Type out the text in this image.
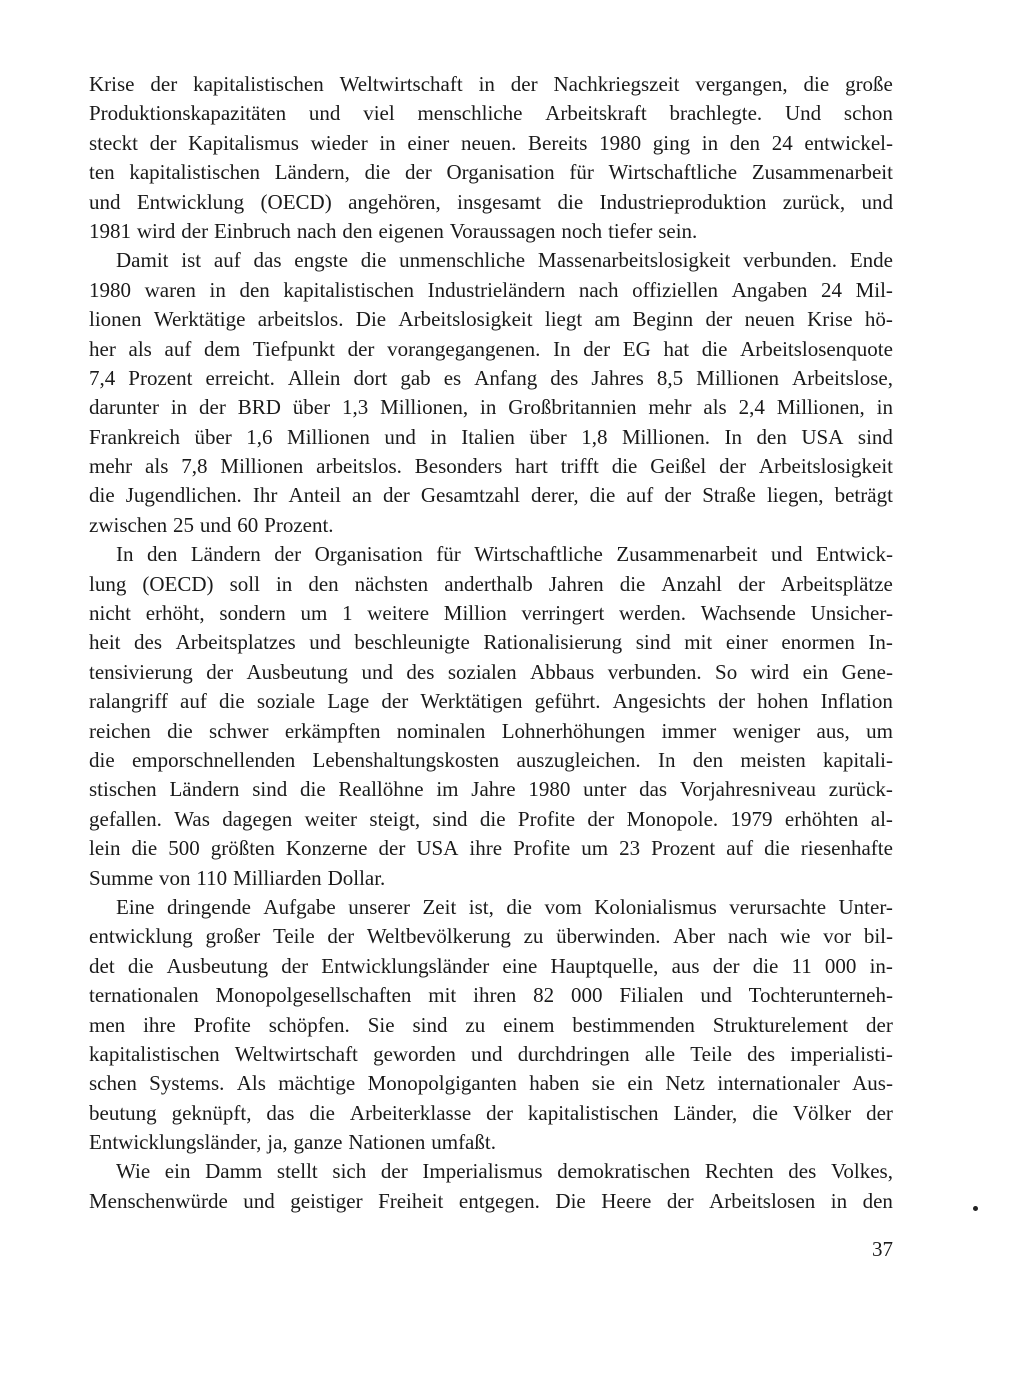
Krise der kapitalistischen Weltwirtschaft in der Nachkriegszeit vergangen, die große
Produktionskapazitäten und viel menschliche Arbeitskraft brachlegte. Und schon
steckt der Kapitalismus wieder in einer neuen. Bereits 1980 ging in den 24 entwickel-
ten kapitalistischen Ländern, die der Organisation für Wirtschaftliche Zusammenarbeit
und Entwicklung (OECD) angehören, insgesamt die Industrieproduktion zurück, und
1981 wird der Einbruch nach den eigenen Voraussagen noch tiefer sein.
Damit ist auf das engste die unmenschliche Massenarbeitslosigkeit verbunden. Ende
1980 waren in den kapitalistischen Industrieländern nach offiziellen Angaben 24 Mil-
lionen Werktätige arbeitslos. Die Arbeitslosigkeit liegt am Beginn der neuen Krise hö-
her als auf dem Tiefpunkt der vorangegangenen. In der EG hat die Arbeitslosenquote
7,4 Prozent erreicht. Allein dort gab es Anfang des Jahres 8,5 Millionen Arbeitslose,
darunter in der BRD über 1,3 Millionen, in Großbritannien mehr als 2,4 Millionen, in
Frankreich über 1,6 Millionen und in Italien über 1,8 Millionen. In den USA sind
mehr als 7,8 Millionen arbeitslos. Besonders hart trifft die Geißel der Arbeitslosigkeit
die Jugendlichen. Ihr Anteil an der Gesamtzahl derer, die auf der Straße liegen, beträgt
zwischen 25 und 60 Prozent.
In den Ländern der Organisation für Wirtschaftliche Zusammenarbeit und Entwick-
lung (OECD) soll in den nächsten anderthalb Jahren die Anzahl der Arbeitsplätze
nicht erhöht, sondern um 1 weitere Million verringert werden. Wachsende Unsicher-
heit des Arbeitsplatzes und beschleunigte Rationalisierung sind mit einer enormen In-
tensivierung der Ausbeutung und des sozialen Abbaus verbunden. So wird ein Gene-
ralangriff auf die soziale Lage der Werktätigen geführt. Angesichts der hohen Inflation
reichen die schwer erkämpften nominalen Lohnerhöhungen immer weniger aus, um
die emporschnellenden Lebenshaltungskosten auszugleichen. In den meisten kapitali-
stischen Ländern sind die Reallöhne im Jahre 1980 unter das Vorjahresniveau zurück-
gefallen. Was dagegen weiter steigt, sind die Profite der Monopole. 1979 erhöhten al-
lein die 500 größten Konzerne der USA ihre Profite um 23 Prozent auf die riesenhafte
Summe von 110 Milliarden Dollar.
Eine dringende Aufgabe unserer Zeit ist, die vom Kolonialismus verursachte Unter-
entwicklung großer Teile der Weltbevölkerung zu überwinden. Aber nach wie vor bil-
det die Ausbeutung der Entwicklungsländer eine Hauptquelle, aus der die 11 000 in-
ternationalen Monopolgesellschaften mit ihren 82 000 Filialen und Tochterunterneh-
men ihre Profite schöpfen. Sie sind zu einem bestimmenden Strukturelement der
kapitalistischen Weltwirtschaft geworden und durchdringen alle Teile des imperialisti-
schen Systems. Als mächtige Monopolgiganten haben sie ein Netz internationaler Aus-
beutung geknüpft, das die Arbeiterklasse der kapitalistischen Länder, die Völker der
Entwicklungsländer, ja, ganze Nationen umfaßt.
Wie ein Damm stellt sich der Imperialismus demokratischen Rechten des Volkes,
Menschenwürde und geistiger Freiheit entgegen. Die Heere der Arbeitslosen in den
37
